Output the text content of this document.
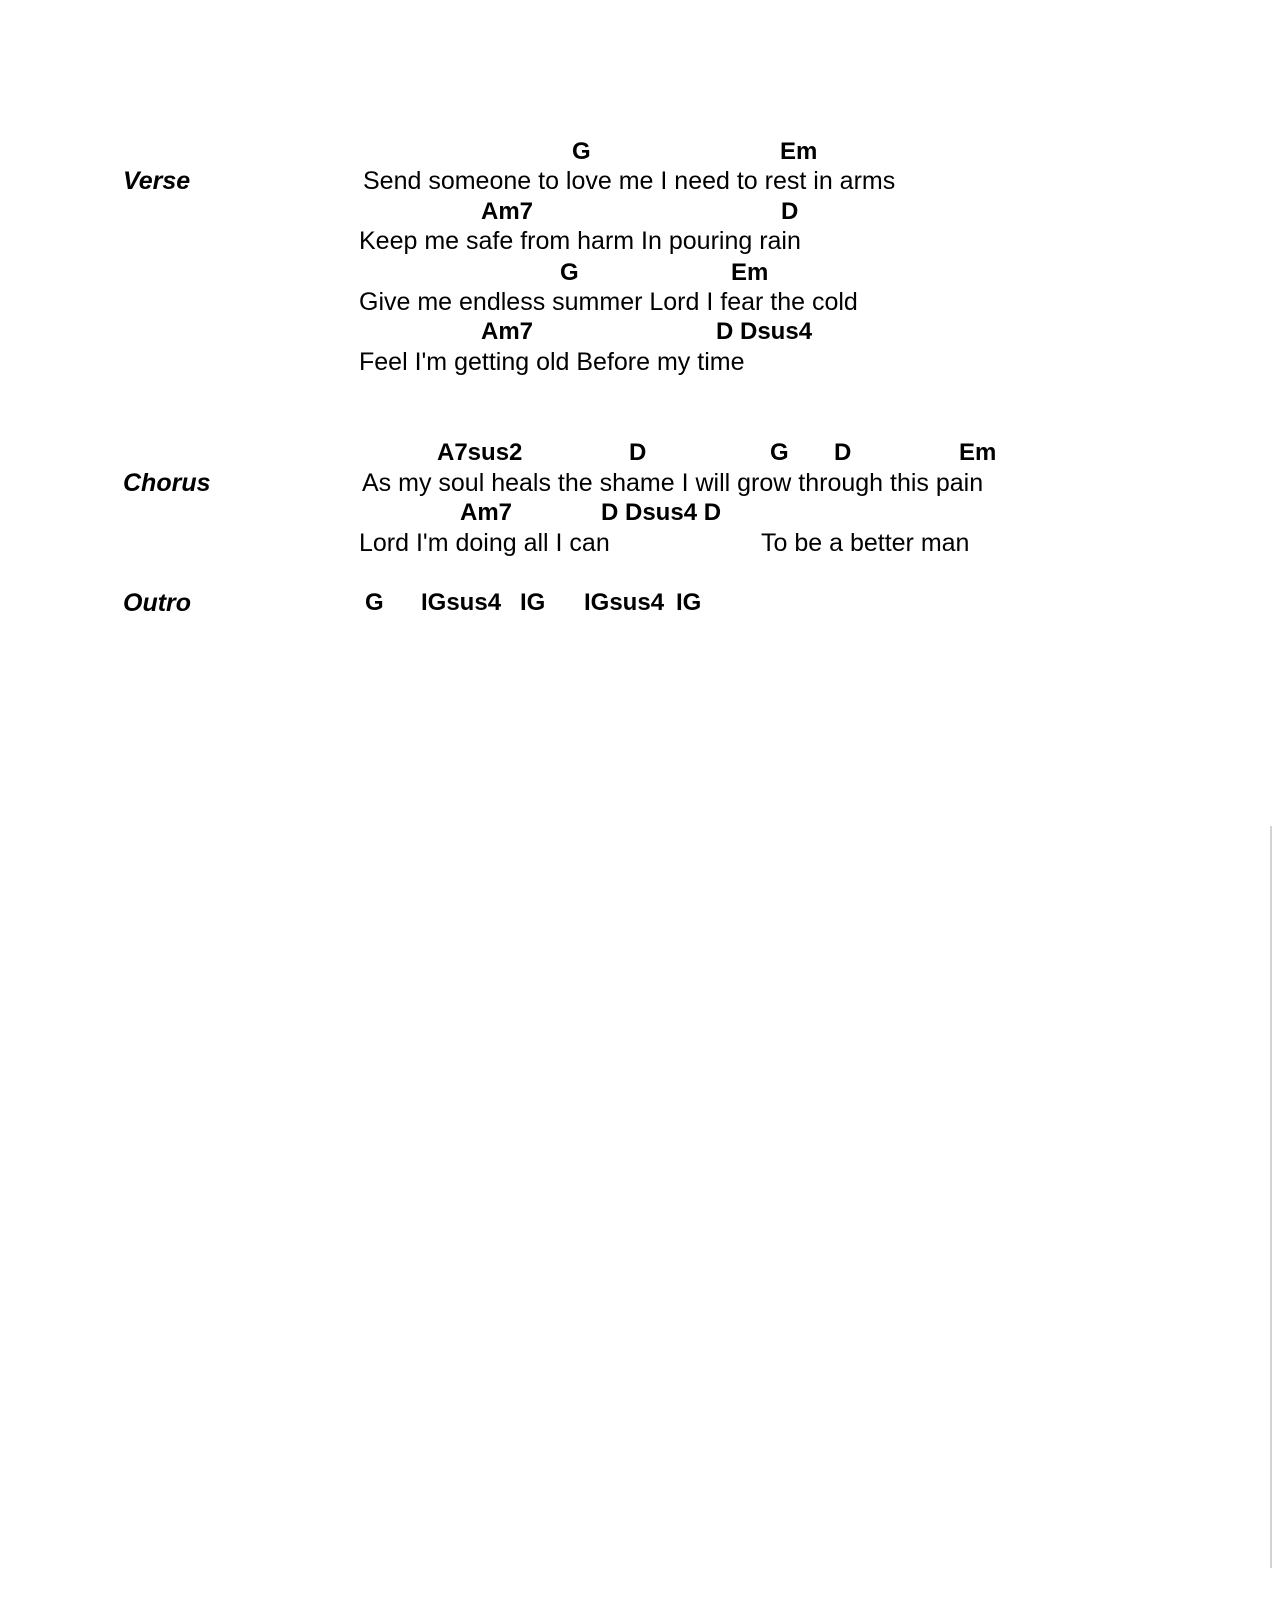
Verse
G	Em
Send someone to love me I need to rest in arms
Am7	D
Keep me safe from harm In pouring rain
G	Em
Give me endless summer Lord I fear the cold
Am7	D Dsus4
Feel I'm getting old Before my time
Chorus
A7sus2	D	G D	Em
As my soul heals the shame I will grow through this pain
Am7	D Dsus4 D
Lord I'm doing all I can	To be a better man
Outro	G IGsus4 IG IGsus4 IG
